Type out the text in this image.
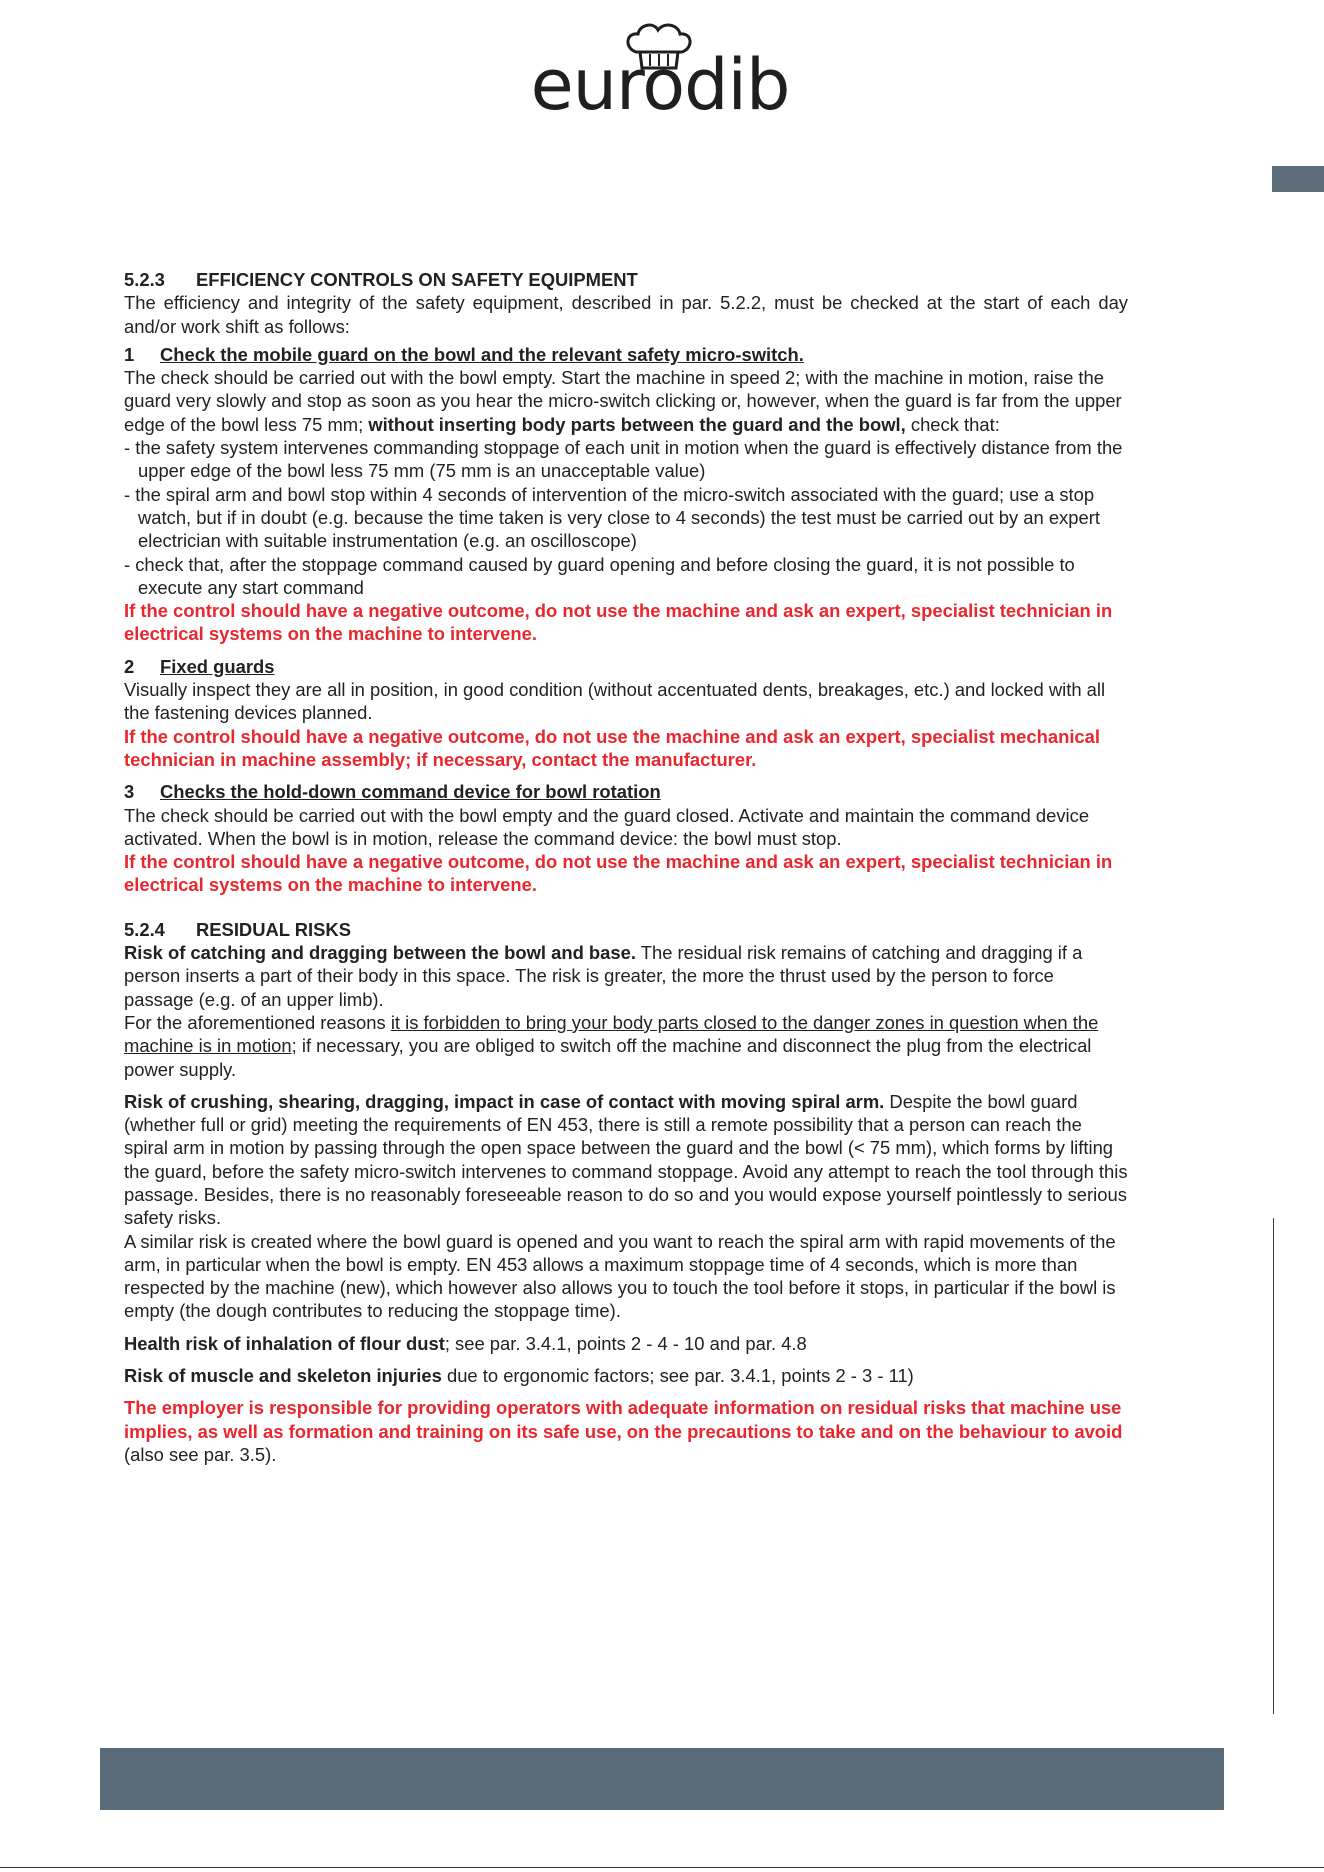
eurodib

5.2.3 EFFICIENCY CONTROLS ON SAFETY EQUIPMENT

The efficiency and integrity of the safety equipment, described in par. 5.2.2, must be checked at the start of each day and/or work shift as follows:

1 Check the mobile guard on the bowl and the relevant safety micro-switch.

The check should be carried out with the bowl empty. Start the machine in speed 2; with the machine in motion, raise the guard very slowly and stop as soon as you hear the micro-switch clicking or, however, when the guard is far from the upper edge of the bowl less 75 mm; without inserting body parts between the guard and the bowl, check that:

- the safety system intervenes commanding stoppage of each unit in motion when the guard is effectively distance from the upper edge of the bowl less 75 mm (75 mm is an unacceptable value)

- the spiral arm and bowl stop within 4 seconds of intervention of the micro-switch associated with the guard; use a stop watch, but if in doubt (e.g. because the time taken is very close to 4 seconds) the test must be carried out by an expert electrician with suitable instrumentation (e.g. an oscilloscope)

- check that, after the stoppage command caused by guard opening and before closing the guard, it is not possible to execute any start command

If the control should have a negative outcome, do not use the machine and ask an expert, specialist technician in electrical systems on the machine to intervene.

2 Fixed guards

Visually inspect they are all in position, in good condition (without accentuated dents, breakages, etc.) and locked with all the fastening devices planned.

If the control should have a negative outcome, do not use the machine and ask an expert, specialist mechanical technician in machine assembly; if necessary, contact the manufacturer.

3 Checks the hold-down command device for bowl rotation

The check should be carried out with the bowl empty and the guard closed. Activate and maintain the command device activated. When the bowl is in motion, release the command device: the bowl must stop.

If the control should have a negative outcome, do not use the machine and ask an expert, specialist technician in electrical systems on the machine to intervene.

5.2.4 RESIDUAL RISKS

Risk of catching and dragging between the bowl and base. The residual risk remains of catching and dragging if a person inserts a part of their body in this space. The risk is greater, the more the thrust used by the person to force passage (e.g. of an upper limb).

For the aforementioned reasons it is forbidden to bring your body parts closed to the danger zones in question when the machine is in motion; if necessary, you are obliged to switch off the machine and disconnect the plug from the electrical power supply.

Risk of crushing, shearing, dragging, impact in case of contact with moving spiral arm. Despite the bowl guard (whether full or grid) meeting the requirements of EN 453, there is still a remote possibility that a person can reach the spiral arm in motion by passing through the open space between the guard and the bowl (< 75 mm), which forms by lifting the guard, before the safety micro-switch intervenes to command stoppage. Avoid any attempt to reach the tool through this passage. Besides, there is no reasonably foreseeable reason to do so and you would expose yourself pointlessly to serious safety risks.

A similar risk is created where the bowl guard is opened and you want to reach the spiral arm with rapid movements of the arm, in particular when the bowl is empty. EN 453 allows a maximum stoppage time of 4 seconds, which is more than respected by the machine (new), which however also allows you to touch the tool before it stops, in particular if the bowl is empty (the dough contributes to reducing the stoppage time).

Health risk of inhalation of flour dust; see par. 3.4.1, points 2 - 4 - 10 and par. 4.8

Risk of muscle and skeleton injuries due to ergonomic factors; see par. 3.4.1, points 2 - 3 - 11)

The employer is responsible for providing operators with adequate information on residual risks that machine use implies, as well as formation and training on its safe use, on the precautions to take and on the behaviour to avoid (also see par. 3.5).
